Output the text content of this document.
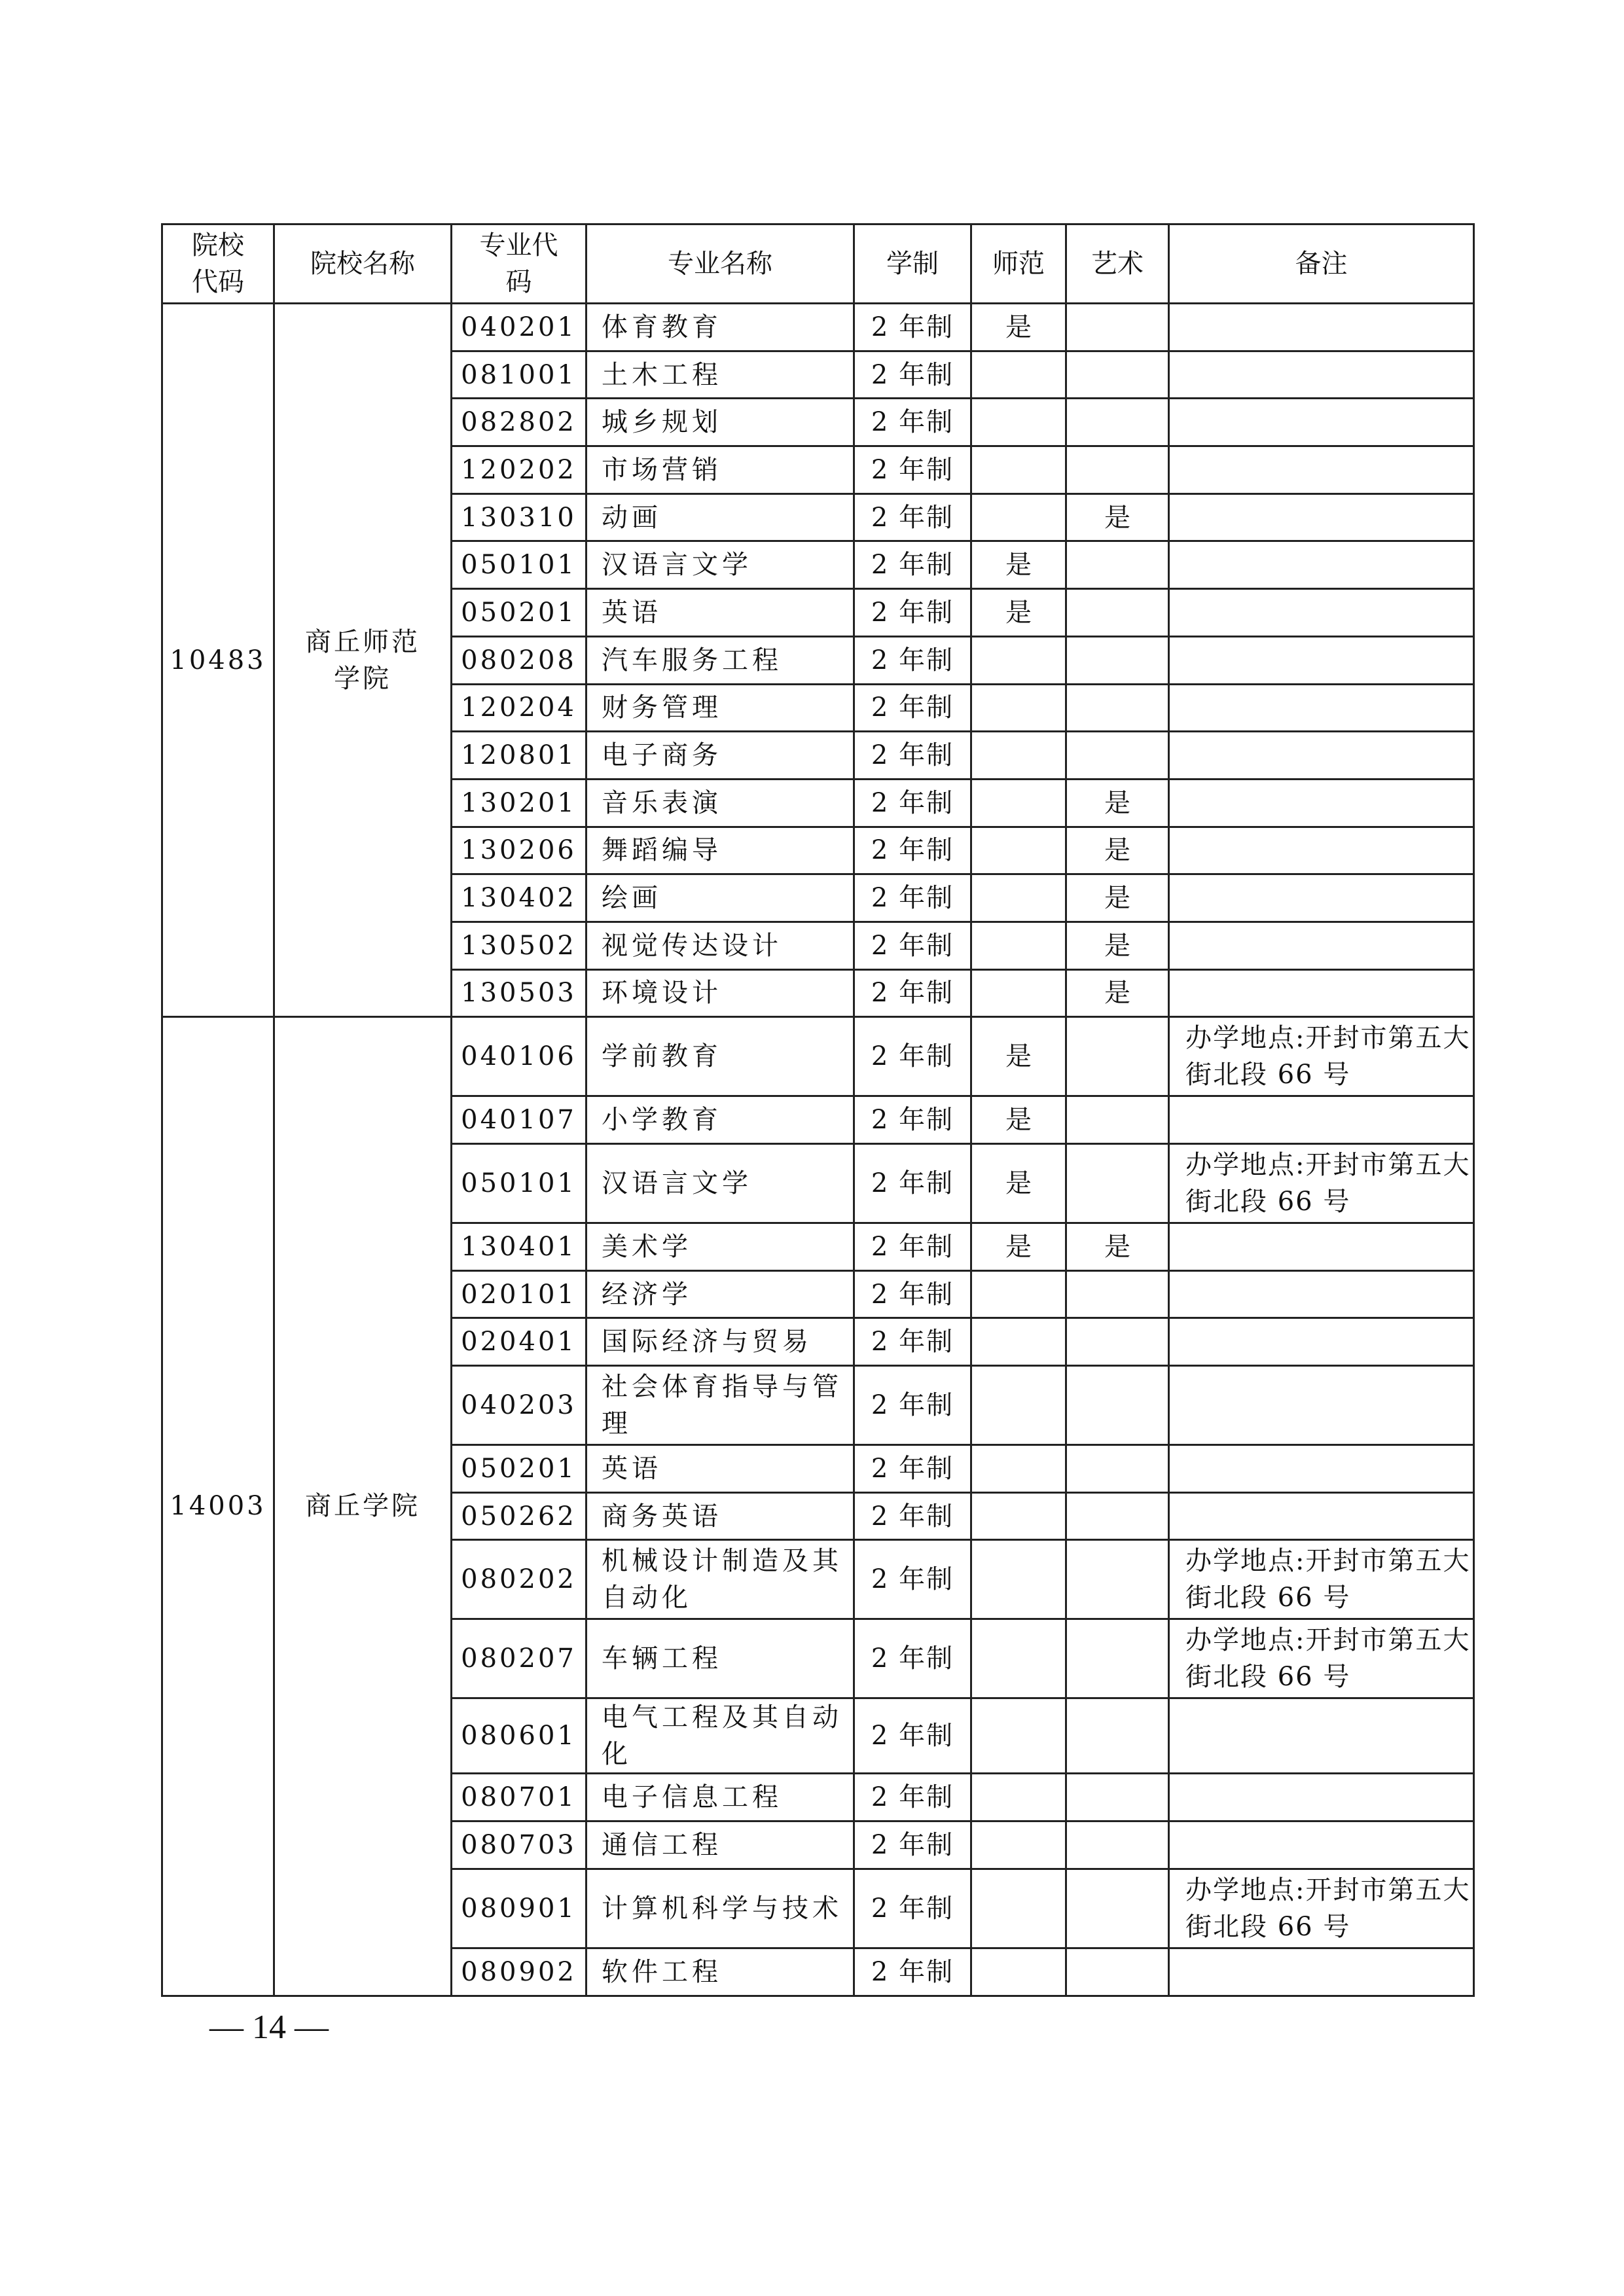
院校代码	院校名称	专业代码	专业名称	学制	师范	艺术	备注
10483	商丘师范学院	040201	体育教育	2 年制	是		
		081001	土木工程	2 年制			
		082802	城乡规划	2 年制			
		120202	市场营销	2 年制			
		130310	动画	2 年制		是	
		050101	汉语言文学	2 年制	是		
		050201	英语	2 年制	是		
		080208	汽车服务工程	2 年制			
		120204	财务管理	2 年制			
		120801	电子商务	2 年制			
		130201	音乐表演	2 年制		是	
		130206	舞蹈编导	2 年制		是	
		130402	绘画	2 年制		是	
		130502	视觉传达设计	2 年制		是	
		130503	环境设计	2 年制		是	
14003	商丘学院	040106	学前教育	2 年制	是		办学地点:开封市第五大街北段 66 号
		040107	小学教育	2 年制	是		
		050101	汉语言文学	2 年制	是		办学地点:开封市第五大街北段 66 号
		130401	美术学	2 年制	是	是	
		020101	经济学	2 年制			
		020401	国际经济与贸易	2 年制			
		040203	社会体育指导与管理	2 年制			
		050201	英语	2 年制			
		050262	商务英语	2 年制			
		080202	机械设计制造及其自动化	2 年制			办学地点:开封市第五大街北段 66 号
		080207	车辆工程	2 年制			办学地点:开封市第五大街北段 66 号
		080601	电气工程及其自动化	2 年制			
		080701	电子信息工程	2 年制			
		080703	通信工程	2 年制			
		080901	计算机科学与技术	2 年制			办学地点:开封市第五大街北段 66 号
		080902	软件工程	2 年制			
— 14 —
